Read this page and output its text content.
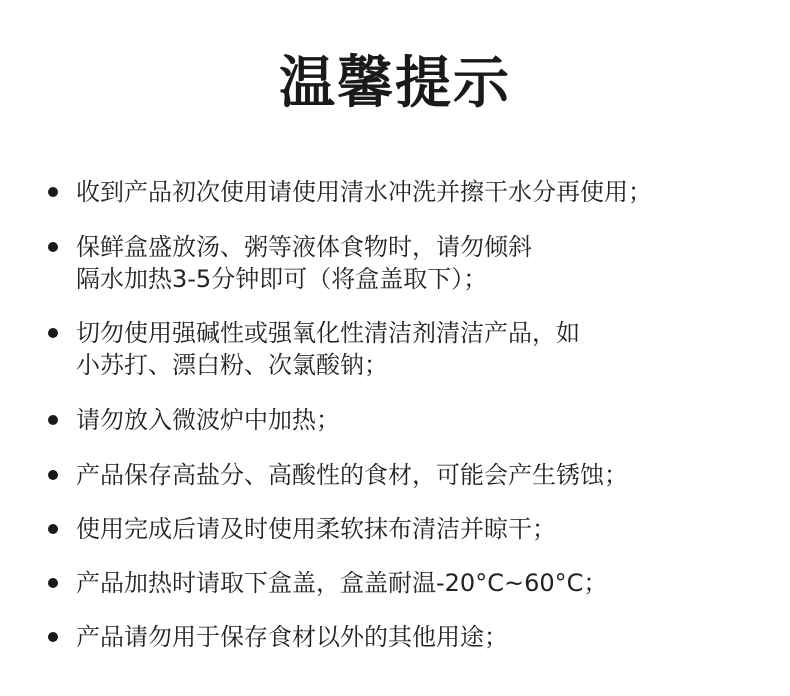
温馨提示
收到产品初次使用请使用清水冲洗并擦干水分再使用；
保鲜盒盛放汤、粥等液体食物时，请勿倾斜
隔水加热3-5分钟即可（将盒盖取下）；
切勿使用强碱性或强氧化性清洁剂清洁产品，如
小苏打、漂白粉、次氯酸钠；
请勿放入微波炉中加热；
产品保存高盐分、高酸性的食材，可能会产生锈蚀；
使用完成后请及时使用柔软抹布清洁并晾干；
产品加热时请取下盒盖，盒盖耐温-20°C~60°C；
产品请勿用于保存食材以外的其他用途；
